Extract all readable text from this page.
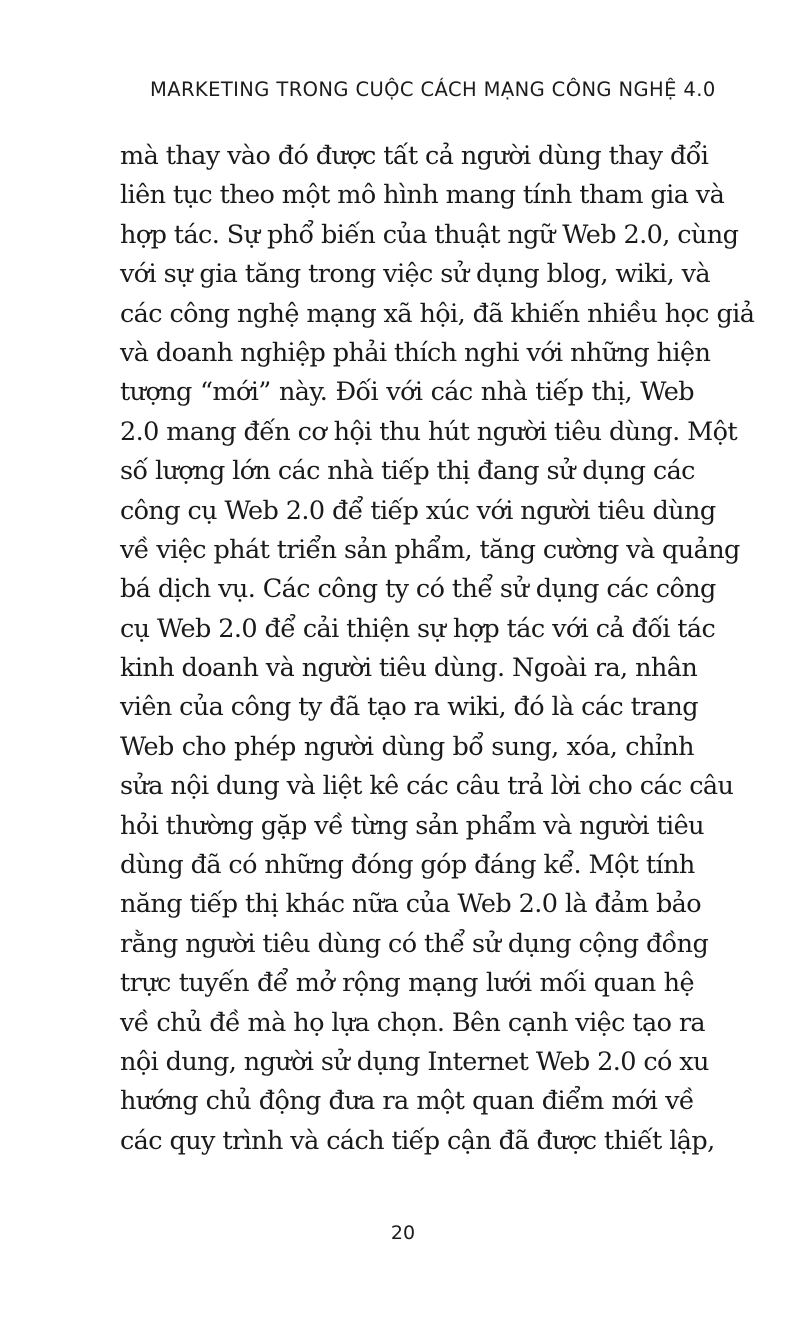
MARKETING TRONG CUỘC CÁCH MẠNG CÔNG NGHỆ 4.0
mà thay vào đó được tất cả người dùng thay đổi
liên tục theo một mô hình mang tính tham gia và
hợp tác. Sự phổ biến của thuật ngữ Web 2.0, cùng
với sự gia tăng trong việc sử dụng blog, wiki, và
các công nghệ mạng xã hội, đã khiến nhiều học giả
và doanh nghiệp phải thích nghi với những hiện
tượng “mới” này. Đối với các nhà tiếp thị, Web
2.0 mang đến cơ hội thu hút người tiêu dùng. Một
số lượng lớn các nhà tiếp thị đang sử dụng các
công cụ Web 2.0 để tiếp xúc với người tiêu dùng
về việc phát triển sản phẩm, tăng cường và quảng
bá dịch vụ. Các công ty có thể sử dụng các công
cụ Web 2.0 để cải thiện sự hợp tác với cả đối tác
kinh doanh và người tiêu dùng. Ngoài ra, nhân
viên của công ty đã tạo ra wiki, đó là các trang
Web cho phép người dùng bổ sung, xóa, chỉnh
sửa nội dung và liệt kê các câu trả lời cho các câu
hỏi thường gặp về từng sản phẩm và người tiêu
dùng đã có những đóng góp đáng kể. Một tính
năng tiếp thị khác nữa của Web 2.0 là đảm bảo
rằng người tiêu dùng có thể sử dụng cộng đồng
trực tuyến để mở rộng mạng lưới mối quan hệ
về chủ đề mà họ lựa chọn. Bên cạnh việc tạo ra
nội dung, người sử dụng Internet Web 2.0 có xu
hướng chủ động đưa ra một quan điểm mới về
các quy trình và cách tiếp cận đã được thiết lập,
20
